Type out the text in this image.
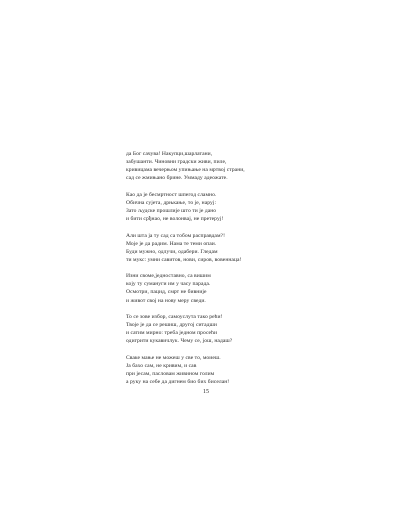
да Бог сачува! Накупци,шарлатани,
забушанти. Чиновни градски живи, пиле,
кривицама вечерњом упињање на мртвој страни,
сад се жмињано брине. Уммаду адеожате.
Као да је бесмртност шпегод сламно.
Обична сујета, дрњкање, то је, наруј:
Зато људске прошлије што ти је дано
и бити срђнао, не волонвај, не претеруј!
Али шта ја ту сад са тобом расправдам?!
Моје је да радим. Нама те теми опаи.
Буди мужно, одлучи, одабери. Гледам
ти мукс: умни савитов, нови, сиров, вовеннаца!
Изни своме,једноставно, са вишим
коју ту сумануги им у часу парадa.
Осмотри, пацид, смрт не бивније
и живот свој на нову меру сведи.
То се зове избор, самоуслута тако рећи!
Твоје је да се решиш, другој ситадши
и сатим мирно: треба једном просећи
одигрити кукавичлук. Чему се, још, надаш?
Сваке мање не можеш у све то, моиеш.
Ја бахо сам, не кривим, и сав
при јесам, пасловам живином голим
а руку на себе да дигнем био бих биселан!
15
